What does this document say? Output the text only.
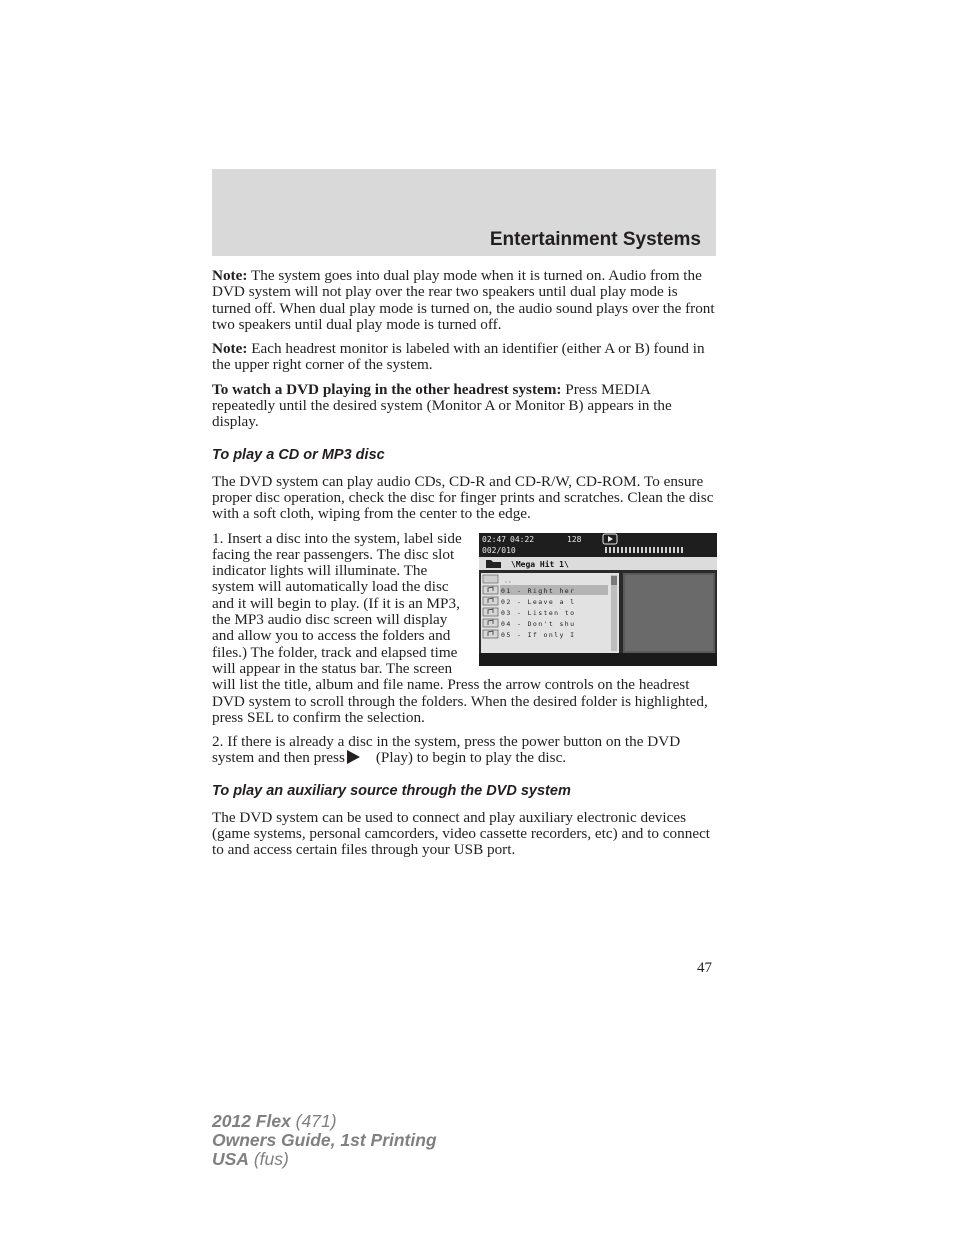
Entertainment Systems

Note: The system goes into dual play mode when it is turned on. Audio from the DVD system will not play over the rear two speakers until dual play mode is turned off. When dual play mode is turned on, the audio sound plays over the front two speakers until dual play mode is turned off.

Note: Each headrest monitor is labeled with an identifier (either A or B) found in the upper right corner of the system.

To watch a DVD playing in the other headrest system: Press MEDIA repeatedly until the desired system (Monitor A or Monitor B) appears in the display.

To play a CD or MP3 disc

The DVD system can play audio CDs, CD-R and CD-R/W, CD-ROM. To ensure proper disc operation, check the disc for finger prints and scratches. Clean the disc with a soft cloth, wiping from the center to the edge.

02:47 04:22	128
002/010
\Mega Hit 1\
..
01 - Right her
02 - Leave a l
03 - Listen to
04 - Don't shu
05 - If only I

1. Insert a disc into the system, label side facing the rear passengers. The disc slot indicator lights will illuminate. The system will automatically load the disc and it will begin to play. (If it is an MP3, the MP3 audio disc screen will display and allow you to access the folders and files.) The folder, track and elapsed time will appear in the status bar. The screen will list the title, album and file name. Press the arrow controls on the headrest DVD system to scroll through the folders. When the desired folder is highlighted, press SEL to confirm the selection.

2. If there is already a disc in the system, press the power button on the DVD system and then press (Play) to begin to play the disc.

To play an auxiliary source through the DVD system

The DVD system can be used to connect and play auxiliary electronic devices (game systems, personal camcorders, video cassette recorders, etc) and to connect to and access certain files through your USB port.

47
2012 Flex (471)
Owners Guide, 1st Printing
USA (fus)
